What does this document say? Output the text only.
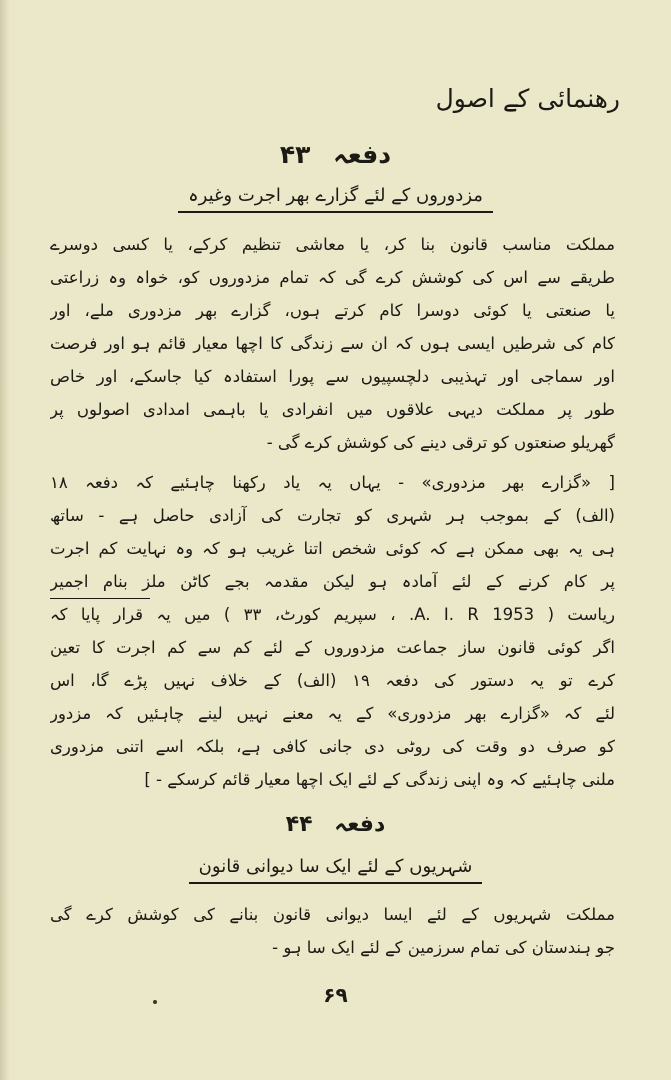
رھنمائی کے اصول
دفعہ ۴۳
مزدوروں کے لئے گزارے بھر اجرت وغیرہ
مملکت مناسب قانون بنا کر، یا معاشی تنظیم کرکے، یا کسی دوسرے
طریقے سے اس کی کوشش کرے گی کہ تمام مزدوروں کو، خواہ وہ زراعتی
یا صنعتی یا کوئی دوسرا کام کرتے ہوں، گزارے بھر مزدوری ملے، اور
کام کی شرطیں ایسی ہوں کہ ان سے زندگی کا اچھا معیار قائم ہو اور فرصت
اور سماجی اور تہذیبی دلچسپیوں سے پورا استفادہ کیا جاسکے، اور خاص
طور پر مملکت دیہی علاقوں میں انفرادی یا باہمی امدادی اصولوں پر
گھریلو صنعتوں کو ترقی دینے کی کوشش کرے گی -
[ «گزارے بھر مزدوری» - یہاں یہ یاد رکھنا چاہئیے کہ دفعہ ۱۸
(الف) کے بموجب ہر شہری کو تجارت کی آزادی حاصل ہے - ساتھ
ہی یہ بھی ممکن ہے کہ کوئی شخص اتنا غریب ہو کہ وہ نہایت کم اجرت
پر کام کرنے کے لئے آمادہ ہو لیکن مقدمہ بجے کاٹن ملز بنام اجمیر
ریاست ( 1953 A. I. R. ، سپریم کورٹ، ۳۳ ) میں یہ قرار پایا کہ
اگر کوئی قانون ساز جماعت مزدوروں کے لئے کم سے کم اجرت کا تعین
کرے تو یہ دستور کی دفعہ ۱۹ (الف) کے خلاف نہیں پڑے گا، اس
لئے کہ «گزارے بھر مزدوری» کے یہ معنے نہیں لینے چاہئیں کہ مزدور
کو صرف دو وقت کی روٹی دی جانی کافی ہے، بلکہ اسے اتنی مزدوری
ملنی چاہئیے کہ وہ اپنی زندگی کے لئے ایک اچھا معیار قائم کرسکے - ]
دفعہ ۴۴
شہریوں کے لئے ایک سا دیوانی قانون
مملکت شہریوں کے لئے ایسا دیوانی قانون بنانے کی کوشش کرے گی
جو ہندستان کی تمام سرزمین کے لئے ایک سا ہو -
۶۹
